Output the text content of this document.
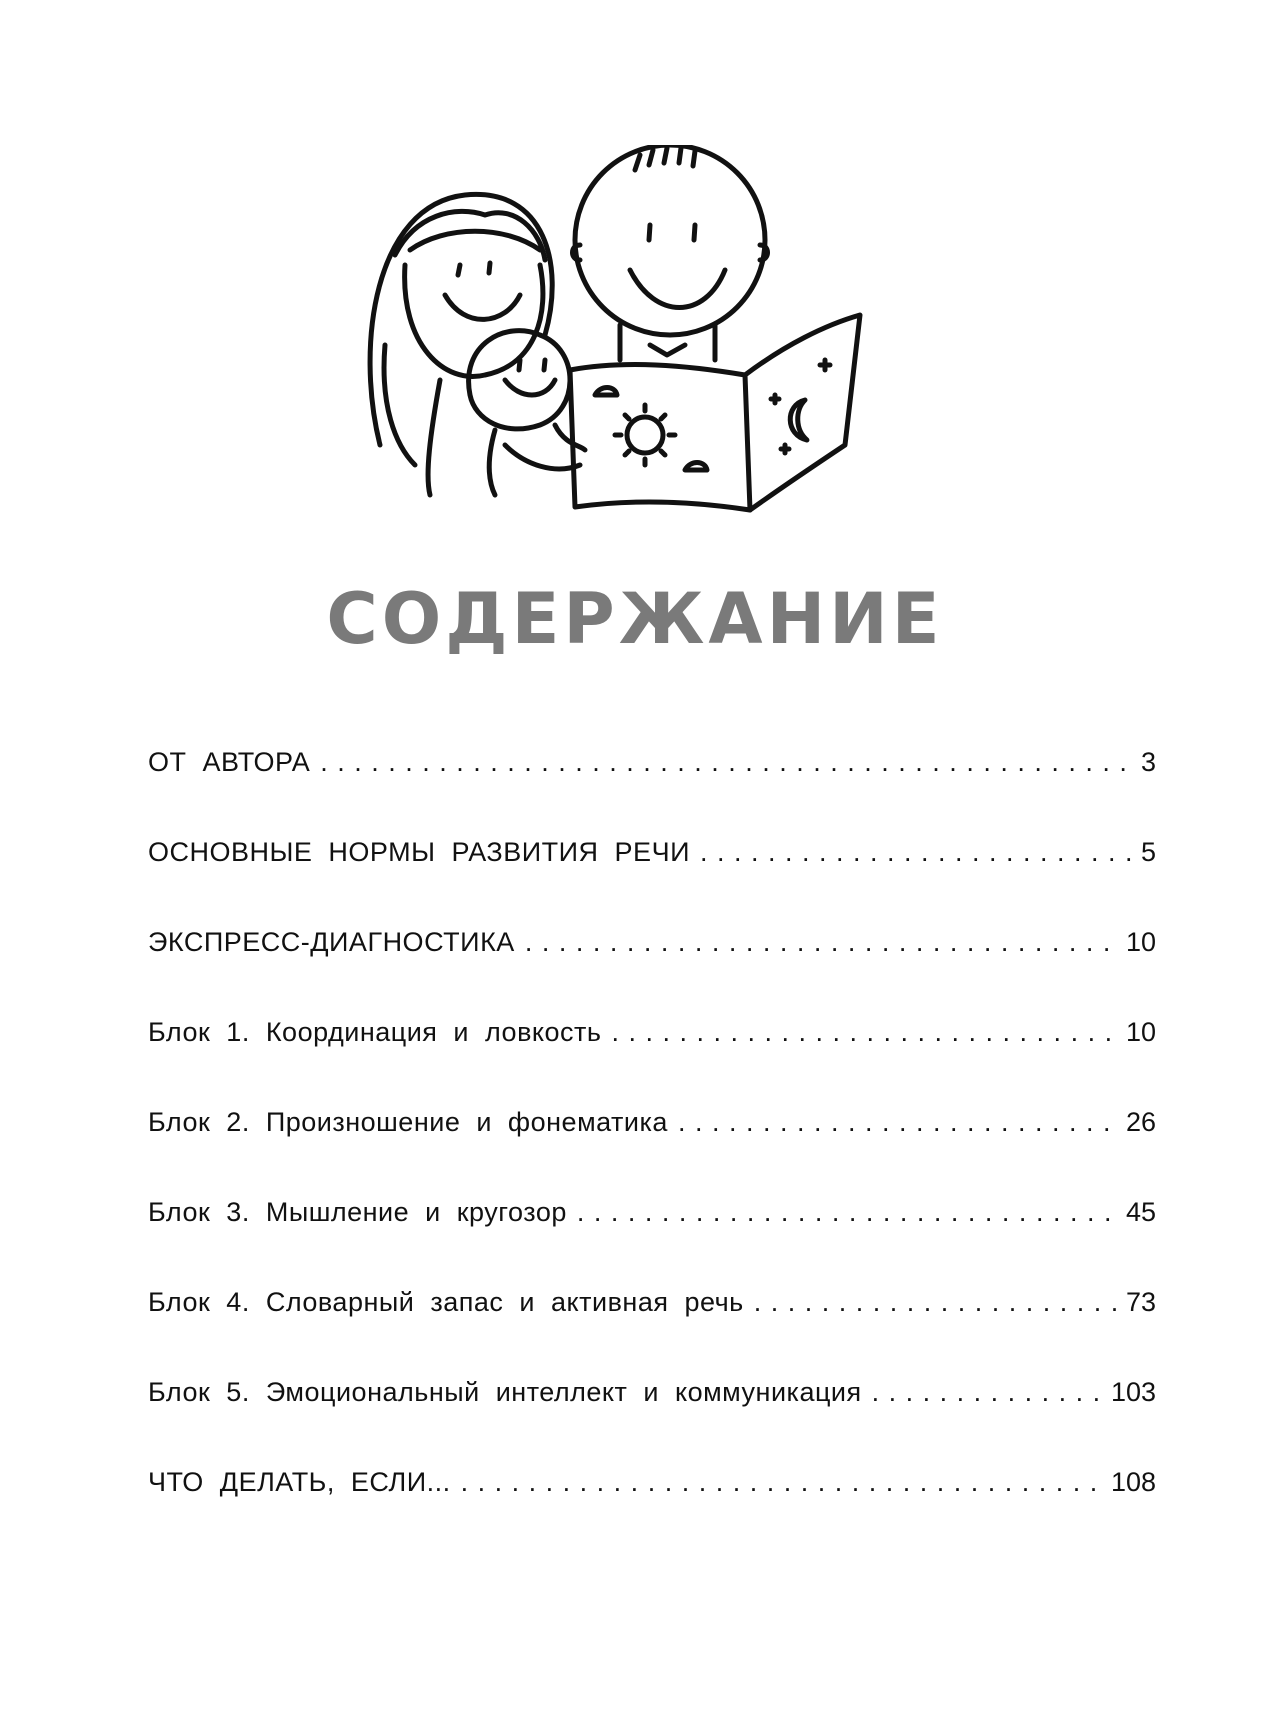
СОДЕРЖАНИЕ
ОТ АВТОРА . . .	3
ОСНОВНЫЕ НОРМЫ РАЗВИТИЯ РЕЧИ . . .	5
ЭКСПРЕСС-ДИАГНОСТИКА . . .	10
Блок 1. Координация и ловкость . . .	10
Блок 2. Произношение и фонематика . . .	26
Блок 3. Мышление и кругозор . . .	45
Блок 4. Словарный запас и активная речь . . .	73
Блок 5. Эмоциональный интеллект и коммуникация . . .	103
ЧТО ДЕЛАТЬ, ЕСЛИ... . . .	108
